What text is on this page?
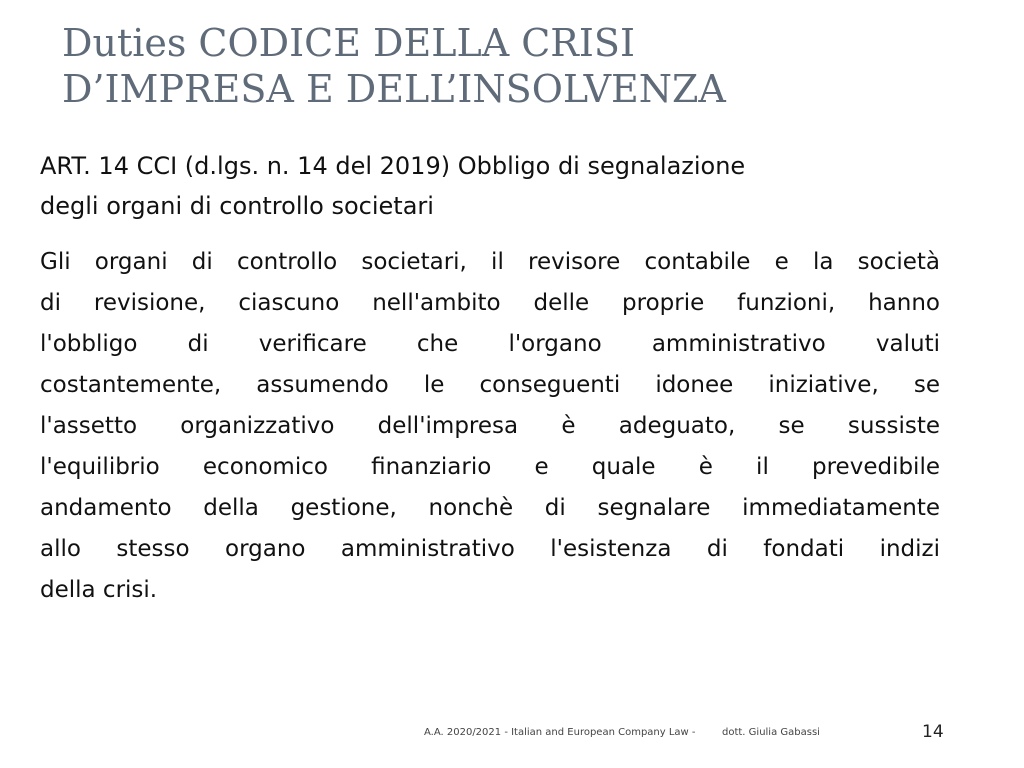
Duties CODICE DELLA CRISI
D’IMPRESA E DELL’INSOLVENZA
ART. 14 CCI (d.lgs. n. 14 del 2019) Obbligo di segnalazione
degli organi di controllo societari
Gli organi di controllo societari, il revisore contabile e la società
di revisione, ciascuno nell'ambito delle proprie funzioni, hanno
l'obbligo di verificare che l'organo amministrativo valuti
costantemente, assumendo le conseguenti idonee iniziative, se
l'assetto organizzativo dell'impresa è adeguato, se sussiste
l'equilibrio economico finanziario e quale è il prevedibile
andamento della gestione, nonchè di segnalare immediatamente
allo stesso organo amministrativo l'esistenza di fondati indizi
della crisi.
A.A. 2020/2021 - Italian and European Company Law -	dott. Giulia Gabassi	14
